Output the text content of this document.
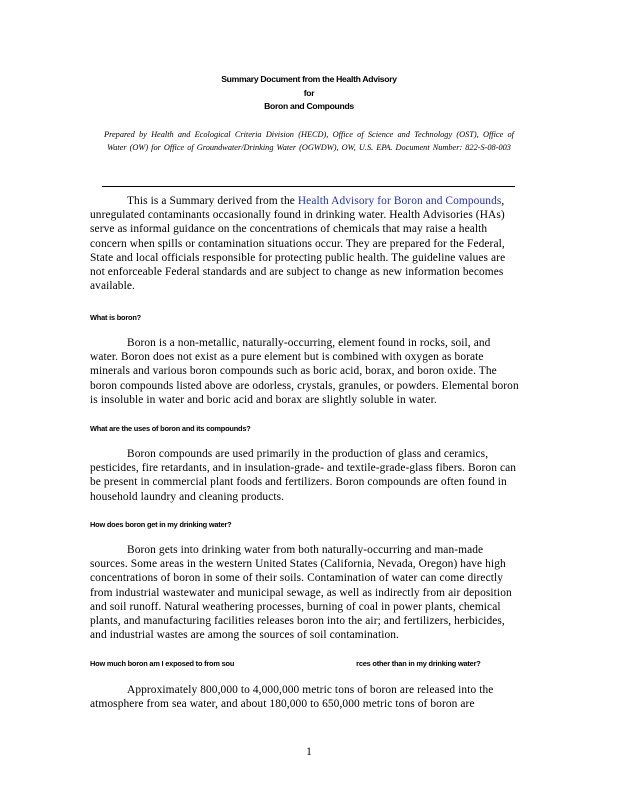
Summary Document from the Health Advisory
for
Boron and Compounds
Prepared by Health and Ecological Criteria Division (HECD), Office of Science and Technology (OST), Office of Water (OW) for Office of Groundwater/Drinking Water (OGWDW), OW, U.S. EPA. Document Number: 822-S-08-003

This is a Summary derived from the Health Advisory for Boron and Compounds, unregulated contaminants occasionally found in drinking water. Health Advisories (HAs) serve as informal guidance on the concentrations of chemicals that may raise a health concern when spills or contamination situations occur. They are prepared for the Federal, State and local officials responsible for protecting public health. The guideline values are not enforceable Federal standards and are subject to change as new information becomes available.

What is boron?

Boron is a non-metallic, naturally-occurring, element found in rocks, soil, and water. Boron does not exist as a pure element but is combined with oxygen as borate minerals and various boron compounds such as boric acid, borax, and boron oxide. The boron compounds listed above are odorless, crystals, granules, or powders. Elemental boron is insoluble in water and boric acid and borax are slightly soluble in water.

What are the uses of boron and its compounds?

Boron compounds are used primarily in the production of glass and ceramics, pesticides, fire retardants, and in insulation-grade- and textile-grade-glass fibers. Boron can be present in commercial plant foods and fertilizers. Boron compounds are often found in household laundry and cleaning products.

How does boron get in my drinking water?

Boron gets into drinking water from both naturally-occurring and man-made sources. Some areas in the western United States (California, Nevada, Oregon) have high concentrations of boron in some of their soils. Contamination of water can come directly from industrial wastewater and municipal sewage, as well as indirectly from air deposition and soil runoff. Natural weathering processes, burning of coal in power plants, chemical plants, and manufacturing facilities releases boron into the air; and fertilizers, herbicides, and industrial wastes are among the sources of soil contamination.

How much boron am I exposed to from sou	rces other than in my drinking water?

Approximately 800,000 to 4,000,000 metric tons of boron are released into the atmosphere from sea water, and about 180,000 to 650,000 metric tons of boron are

1
